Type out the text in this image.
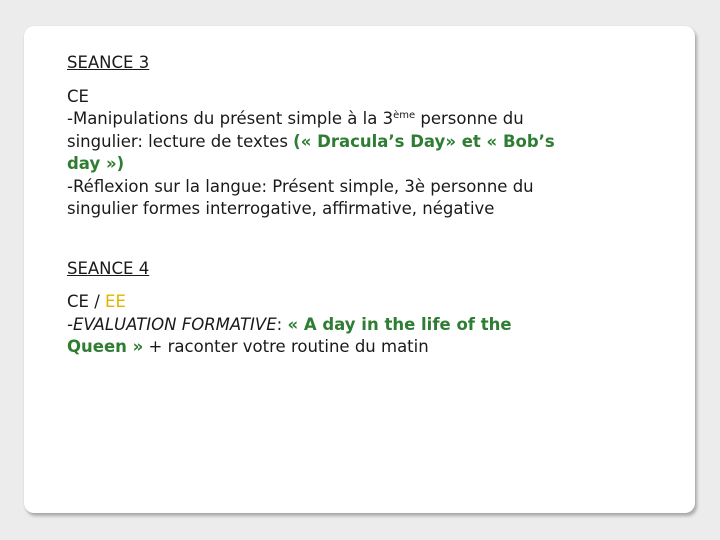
SEANCE 3

CE

-Manipulations du présent simple à la 3ème personne du

singulier: lecture de textes (« Dracula’s Day» et « Bob’s

day »)

-Réflexion sur la langue: Présent simple, 3è personne du

singulier formes interrogative, affirmative, négative

SEANCE 4

CE / EE

-EVALUATION FORMATIVE: « A day in the life of the

Queen » + raconter votre routine du matin
